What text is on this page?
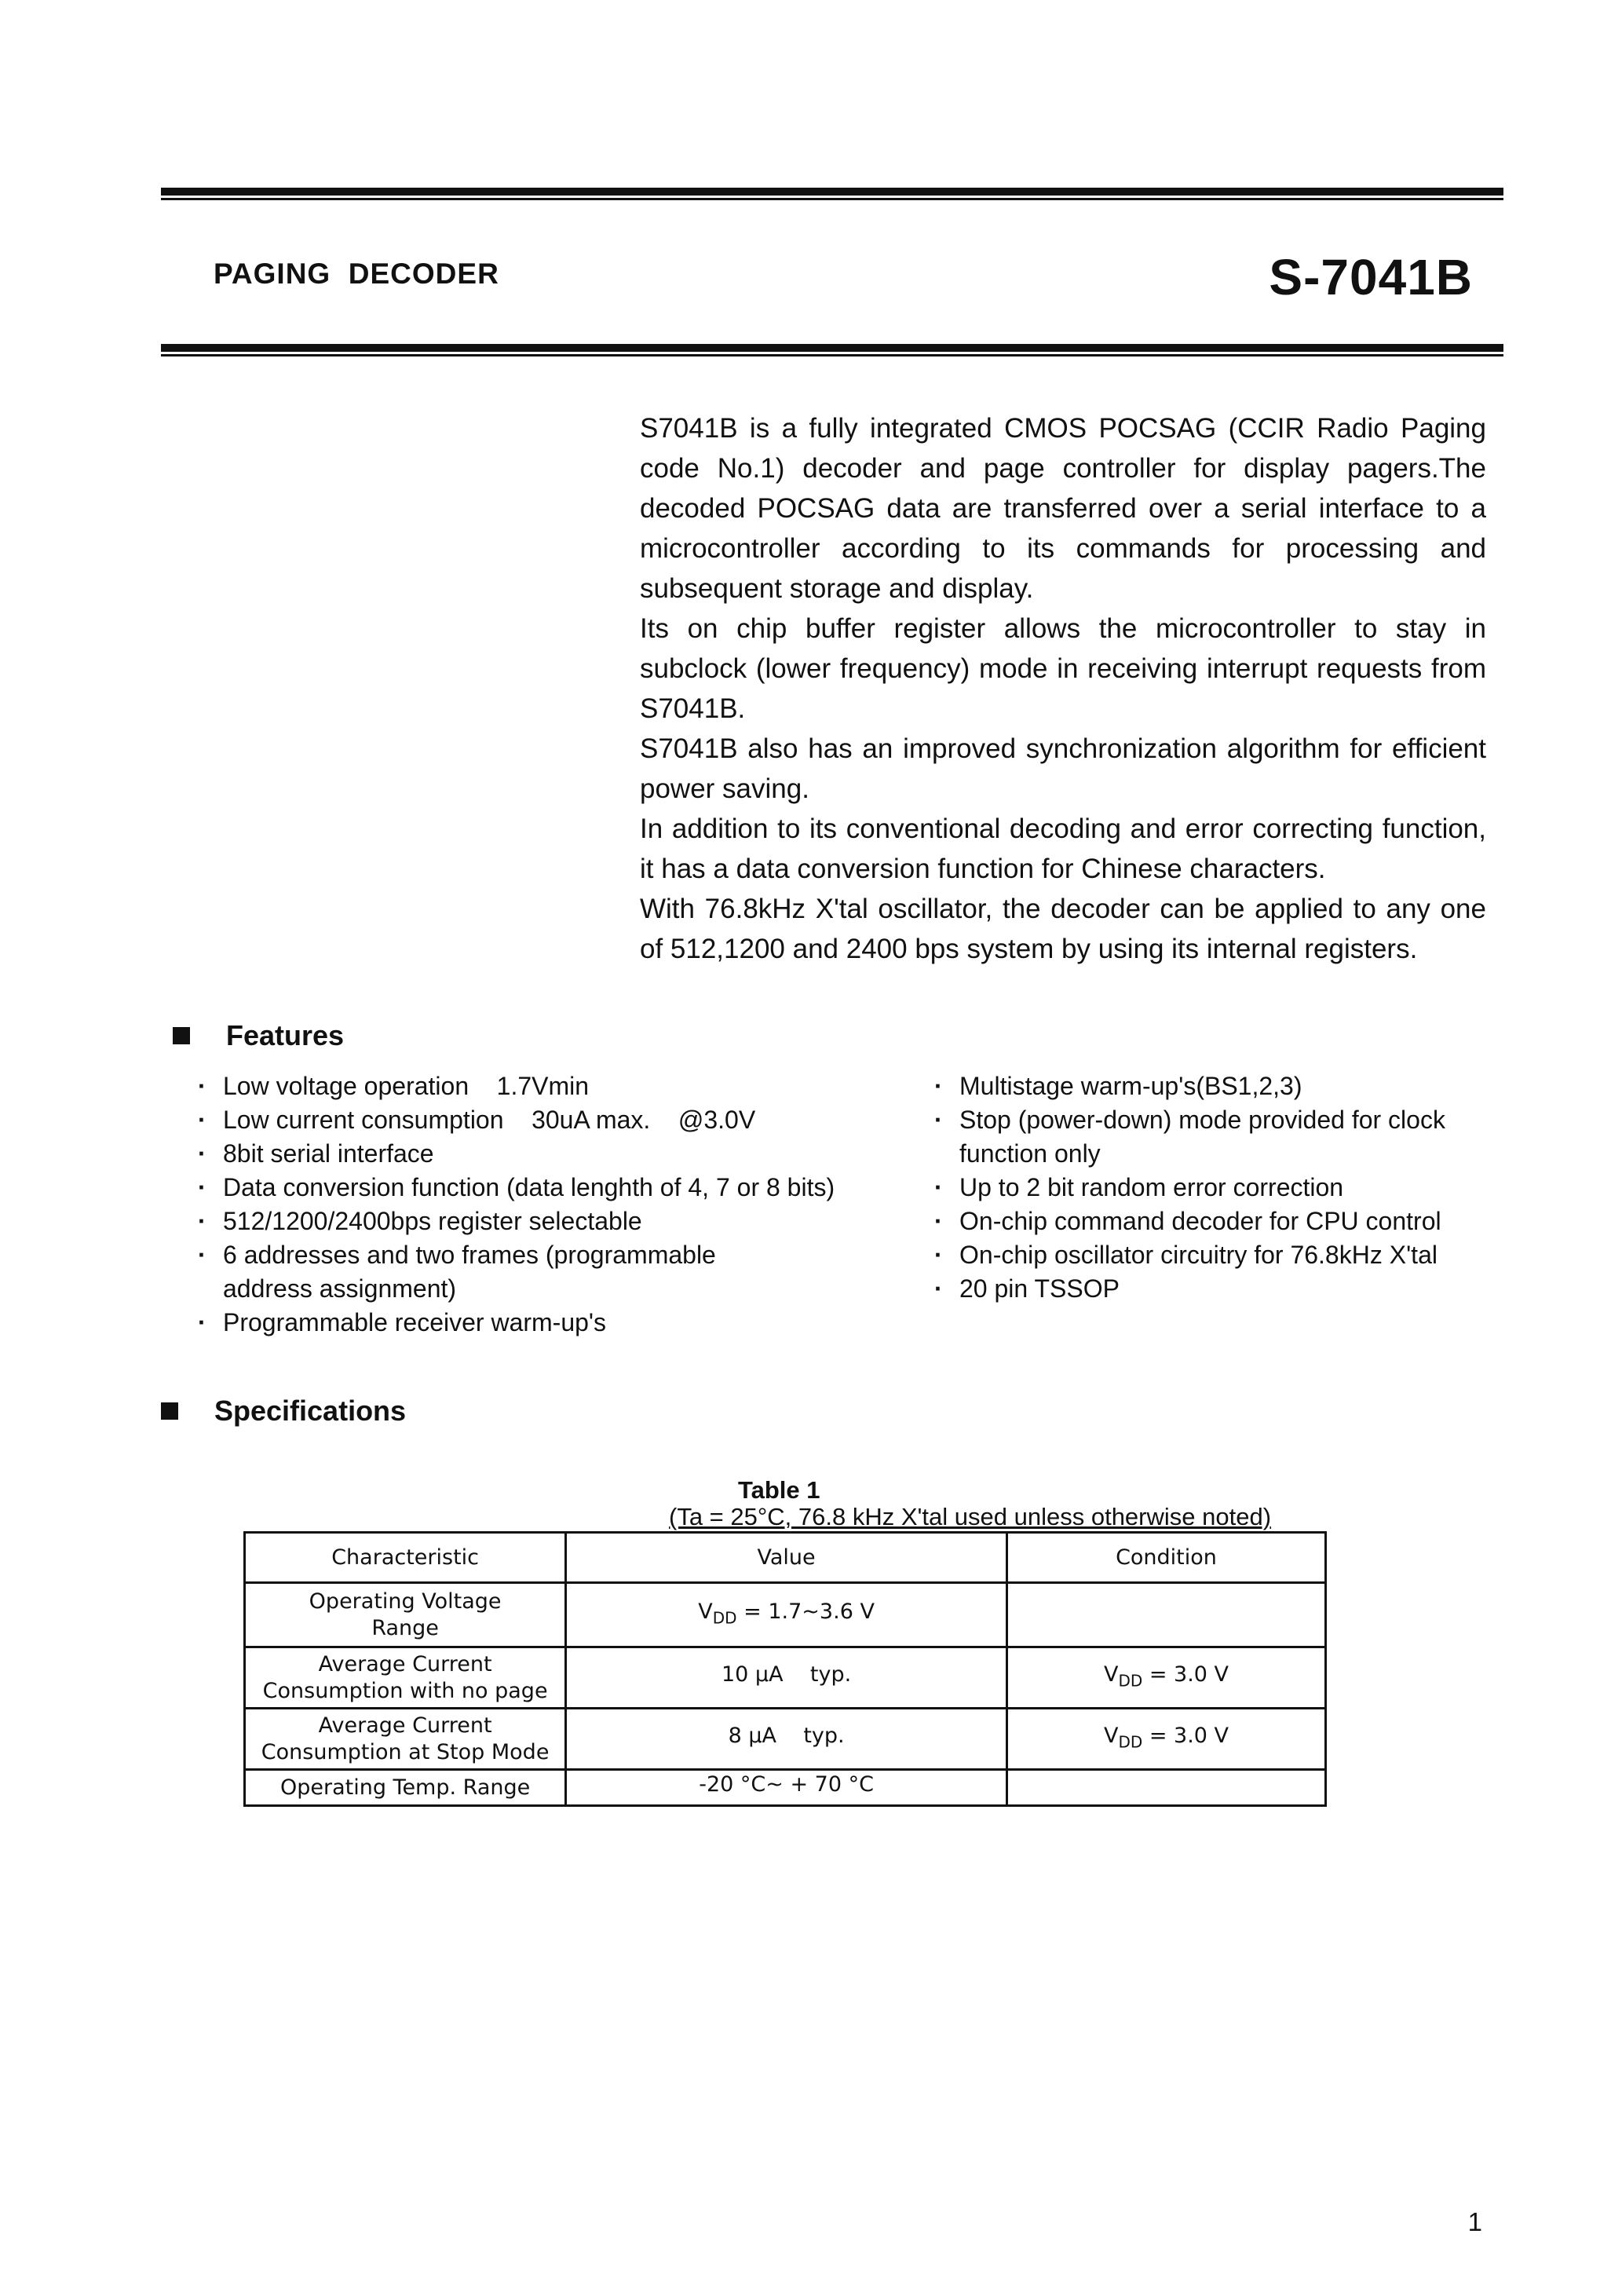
PAGING  DECODER	S-7041B

S7041B is a fully integrated CMOS POCSAG (CCIR Radio Paging code No.1) decoder and page controller for display pagers.The decoded POCSAG data are transferred over a serial interface to a microcontroller according to its commands for processing and subsequent storage and display.

Its on chip buffer register allows the microcontroller to stay in subclock (lower frequency) mode in receiving interrupt requests from S7041B.

S7041B also has an improved synchronization algorithm for efficient power saving.

In addition to its conventional decoding and error correcting function, it has a data conversion function for Chinese characters.

With 76.8kHz X'tal oscillator, the decoder can be applied to any one of 512,1200 and 2400 bps system by using its internal registers.

Features
· Low voltage operation    1.7Vmin
· Low current consumption    30uA max.    @3.0V
· 8bit serial interface
· Data conversion function (data lenghth of 4, 7 or 8 bits)
· 512/1200/2400bps register selectable
· 6 addresses and two frames (programmable address assignment)
· Programmable receiver warm-up's
· Multistage warm-up's(BS1,2,3)
· Stop (power-down) mode provided for clock function only
· Up to 2 bit random error correction
· On-chip command decoder for CPU control
· On-chip oscillator circuitry for 76.8kHz X'tal
· 20 pin TSSOP
Specifications
Table 1
(Ta = 25°C, 76.8 kHz X'tal used unless otherwise noted)
Characteristic	Value	Condition

Operating Voltage
Range	$V_{DD}$ = 1.7~3.6 V	

Average Current
Consumption with no page	10 μA    typ.	$V_{DD} = 3.0$ V

Average Current
Consumption at Stop Mode	8 μA    typ.	$V_{DD} = 3.0$ V

Operating Temp. Range	-20 °C~ + 70 °C	
1
